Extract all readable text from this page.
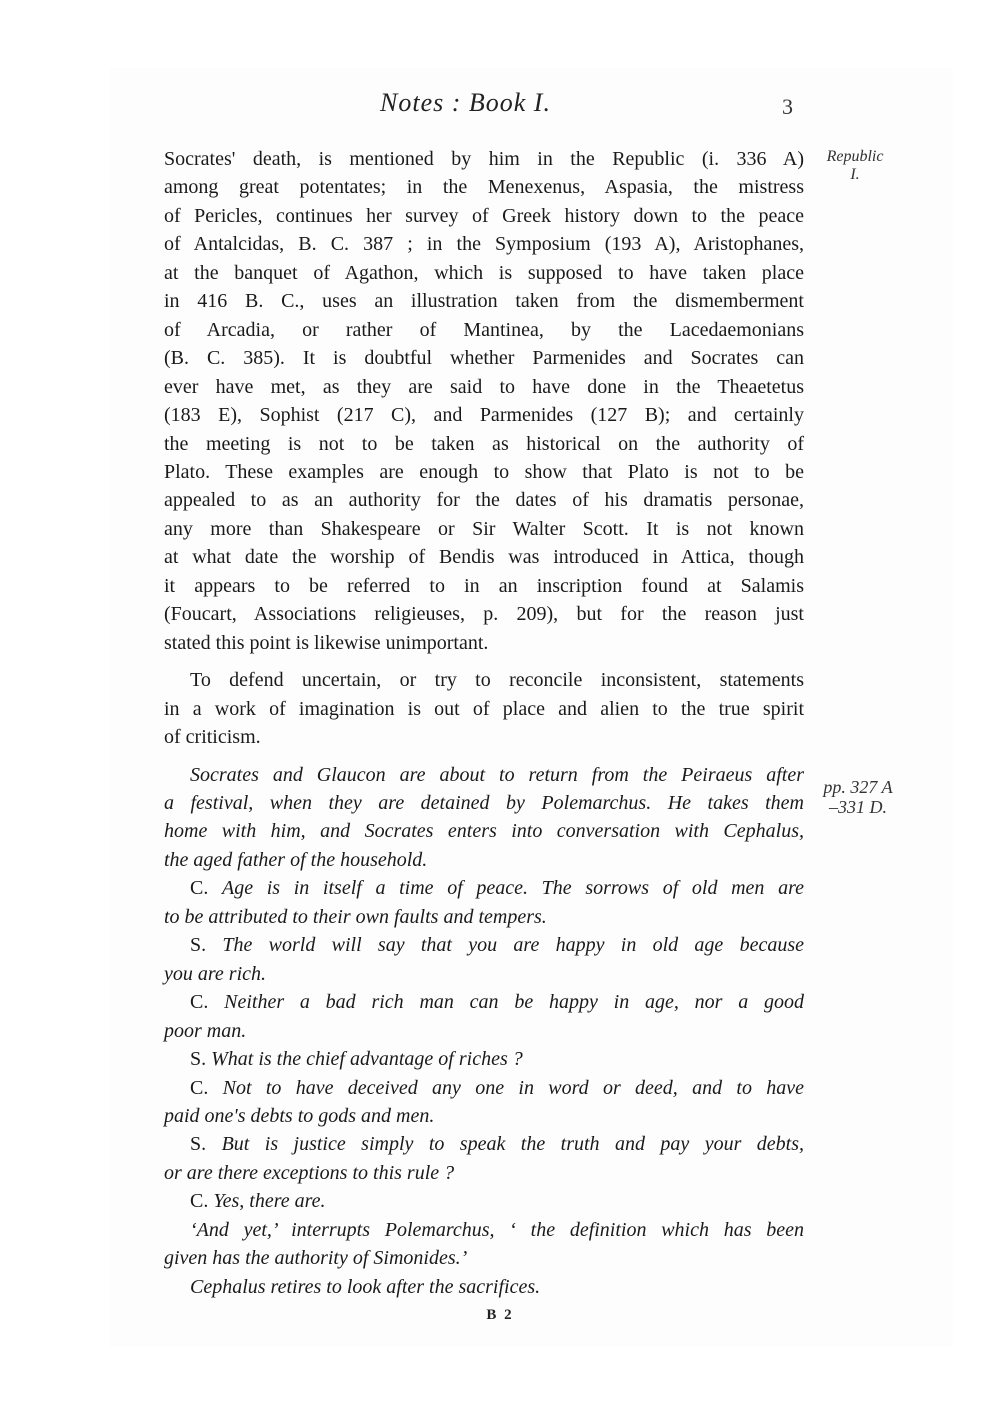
Notes : Book I.	3
Republic
I.
pp. 327 A
–331 D.
Socrates' death, is mentioned by him in the Republic (i. 336 A)
among great potentates; in the Menexenus, Aspasia, the mistress
of Pericles, continues her survey of Greek history down to the peace
of Antalcidas, B. C. 387 ; in the Symposium (193 A), Aristophanes,
at the banquet of Agathon, which is supposed to have taken place
in 416 B. C., uses an illustration taken from the dismemberment
of Arcadia, or rather of Mantinea, by the Lacedaemonians
(B. C. 385). It is doubtful whether Parmenides and Socrates can
ever have met, as they are said to have done in the Theaetetus
(183 E), Sophist (217 C), and Parmenides (127 B); and certainly
the meeting is not to be taken as historical on the authority of
Plato. These examples are enough to show that Plato is not to be
appealed to as an authority for the dates of his dramatis personae,
any more than Shakespeare or Sir Walter Scott. It is not known
at what date the worship of Bendis was introduced in Attica, though
it appears to be referred to in an inscription found at Salamis
(Foucart, Associations religieuses, p. 209), but for the reason just
stated this point is likewise unimportant.
To defend uncertain, or try to reconcile inconsistent, statements
in a work of imagination is out of place and alien to the true spirit
of criticism.
Socrates and Glaucon are about to return from the Peiraeus after
a festival, when they are detained by Polemarchus. He takes them
home with him, and Socrates enters into conversation with Cephalus,
the aged father of the household.
C. Age is in itself a time of peace. The sorrows of old men are
to be attributed to their own faults and tempers.
S. The world will say that you are happy in old age because
you are rich.
C. Neither a bad rich man can be happy in age, nor a good
poor man.
S. What is the chief advantage of riches ?
C. Not to have deceived any one in word or deed, and to have
paid one's debts to gods and men.
S. But is justice simply to speak the truth and pay your debts,
or are there exceptions to this rule ?
C. Yes, there are.
‘And yet,’ interrupts Polemarchus, ‘ the definition which has been
given has the authority of Simonides.’
Cephalus retires to look after the sacrifices.
B 2
